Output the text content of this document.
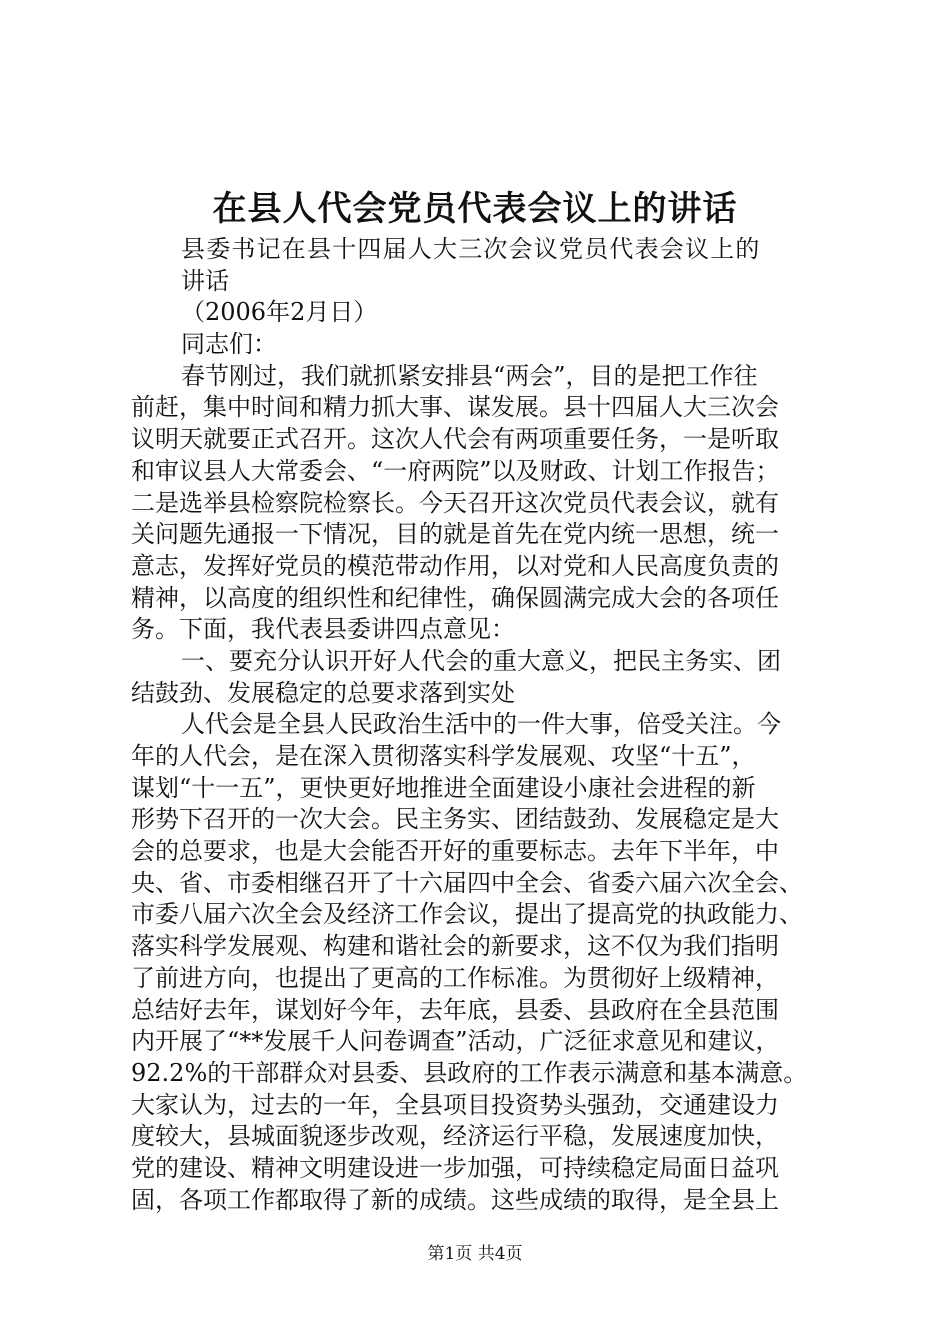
在县人代会党员代表会议上的讲话
县委书记在县十四届人大三次会议党员代表会议上的
讲话
（2006年2月日）
同志们：
春节刚过，我们就抓紧安排县“两会”，目的是把工作往
前赶，集中时间和精力抓大事、谋发展。县十四届人大三次会
议明天就要正式召开。这次人代会有两项重要任务，一是听取
和审议县人大常委会、“一府两院”以及财政、计划工作报告；
二是选举县检察院检察长。今天召开这次党员代表会议，就有
关问题先通报一下情况，目的就是首先在党内统一思想，统一
意志，发挥好党员的模范带动作用，以对党和人民高度负责的
精神，以高度的组织性和纪律性，确保圆满完成大会的各项任
务。下面，我代表县委讲四点意见：
一、要充分认识开好人代会的重大意义，把民主务实、团
结鼓劲、发展稳定的总要求落到实处
人代会是全县人民政治生活中的一件大事，倍受关注。今
年的人代会，是在深入贯彻落实科学发展观、攻坚“十五”，
谋划“十一五”，更快更好地推进全面建设小康社会进程的新
形势下召开的一次大会。民主务实、团结鼓劲、发展稳定是大
会的总要求，也是大会能否开好的重要标志。去年下半年，中
央、省、市委相继召开了十六届四中全会、省委六届六次全会、
市委八届六次全会及经济工作会议，提出了提高党的执政能力、
落实科学发展观、构建和谐社会的新要求，这不仅为我们指明
了前进方向，也提出了更高的工作标准。为贯彻好上级精神，
总结好去年，谋划好今年，去年底，县委、县政府在全县范围
内开展了“**发展千人问卷调查”活动，广泛征求意见和建议，
92.2%的干部群众对县委、县政府的工作表示满意和基本满意。
大家认为，过去的一年，全县项目投资势头强劲，交通建设力
度较大，县城面貌逐步改观，经济运行平稳，发展速度加快，
党的建设、精神文明建设进一步加强，可持续稳定局面日益巩
固，各项工作都取得了新的成绩。这些成绩的取得，是全县上
第1页 共4页
